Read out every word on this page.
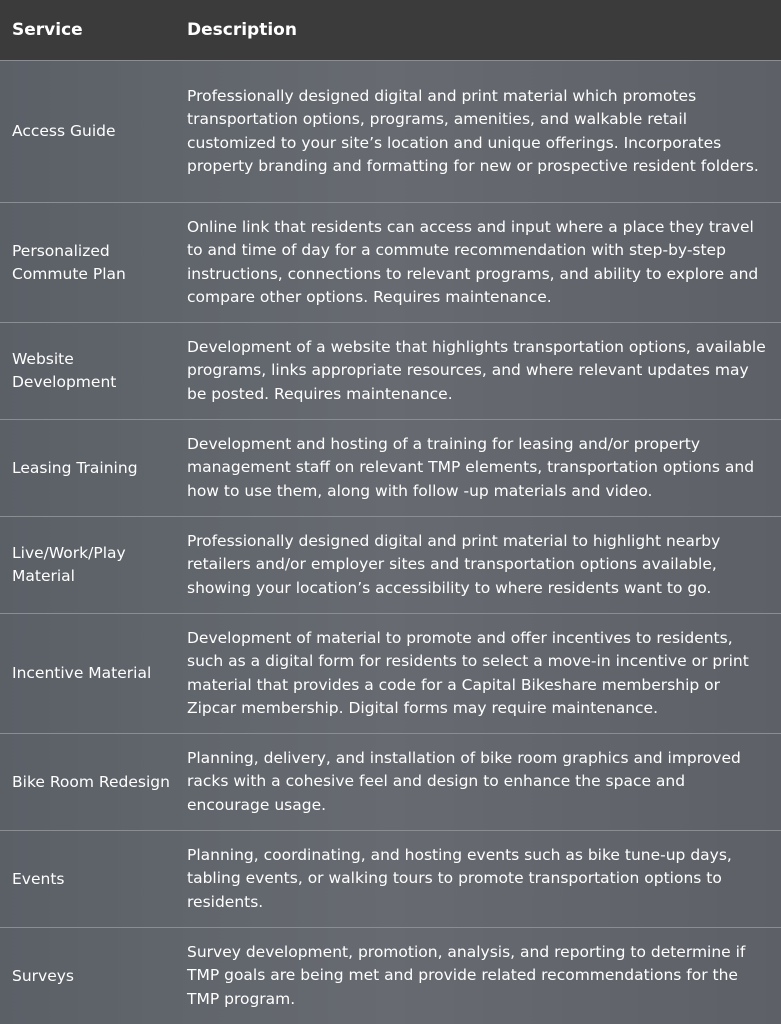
Service	Description
Access Guide
Professionally designed digital and print material which promotes transportation options, programs, amenities, and walkable retail customized to your site’s location and unique offerings. Incorporates property branding and formatting for new or prospective resident folders.
Personalized Commute Plan
Online link that residents can access and input where a place they travel to and time of day for a commute recommendation with step-by-step instructions, connections to relevant programs, and ability to explore and compare other options. Requires maintenance.
Website Development
Development of a website that highlights transportation options, available programs, links appropriate resources, and where relevant updates may be posted. Requires maintenance.
Leasing Training
Development and hosting of a training for leasing and/or property management staff on relevant TMP elements, transportation options and how to use them, along with follow -up materials and video.
Live/Work/Play Material
Professionally designed digital and print material to highlight nearby retailers and/or employer sites and transportation options available, showing your location’s accessibility to where residents want to go.
Incentive Material
Development of material to promote and offer incentives to residents, such as a digital form for residents to select a move-in incentive or print material that provides a code for a Capital Bikeshare membership or Zipcar membership. Digital forms may require maintenance.
Bike Room Redesign
Planning, delivery, and installation of bike room graphics and improved racks with a cohesive feel and design to enhance the space and encourage usage.
Events
Planning, coordinating, and hosting events such as bike tune-up days, tabling events, or walking tours to promote transportation options to residents.
Surveys
Survey development, promotion, analysis, and reporting to determine if TMP goals are being met and provide related recommendations for the TMP program.
